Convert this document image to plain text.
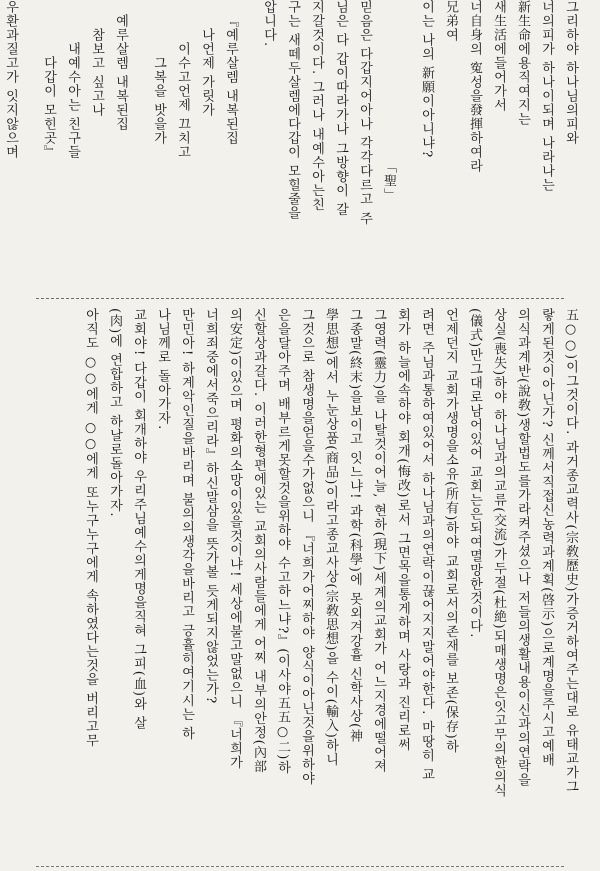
그리하야 하나님의피와
너의피가 하나이되며 나라나는
新生命에용직여지는
새生活에들어가서
너自身의 寃성을發揮하여라
兄弟여
이는 나의 新願이아니냐?
「聖」
믿음은 다갑지어아나 각각다르고 주
님은 다 갑이따라가나 그방향이 갈
지갈것이다. 그러나 내예수아는친
구는 새떼두살렘에다갑이 모힐줄을
압니다.
『예루살렘 내복된집
나언제 가릿가
이수고언제 끄치고
그복을 밧을가
예루살렘 내복된집
참보고 싶고나
내예수아는 친구들
다갑이 모힌곳』
우환과질고가 잇지않으며
五○○)이그것이다. 과거종교력사(宗敎歷史)가증거하여주는대로 유태교가그
랗게된것이아닌가? 신께서직접신농력과계획(啓示)으로계명을주시고예배
의식과계반(說敎)생할법도를가라켜주셨으나 저들의생활내용이신과의연락을
상실(喪失)하야 하나님과의교류(交流)가두절(杜絶)되매생명은잇고무의한의식
(儀式)만그대로남어있어 교회는은되여멸망한것이다.
언제던지 교회가생명을소유(所有)하야 교회로서의존재를 보존(保存)하
려면 주님과통하여있어서 하나님과의연락이끊어지지말어야한다. 마땅히 교
회가 하늘에속하야 회개(悔改)로서 그면목을통게하며 사랑과 진리로써
그영력(靈力)을 나탈것이어늘, 현하(現下)세계의교회가 어느지경에떨어져
그종말(終末)을보이고 잇느냐! 과학(科學)에 못외겨강휼 신학사상(神
學思想)에서 누눈상품(商品)이라고종교사상(宗敎思想)을 수이(輸入)하니
그것으로 참생명을얻을수가없으니 『너희가어찌하야 양식이아닌것을위하야
은을달아주며 배부르게못할것을위하야 수고하느냐?』(이사야五五○二)하
신할상과갈다. 이러한형편에있는 교회의사람들에게 어찌 내부의안정(內部
의安定)이있으며 평화의소망이있을것이냐! 세상에불고말없으니 『너희가
너희죄중에서죽으리라』하신말삼을 뜻가볼 듯게되지않었는가?
만민아! 하계악인질을바리며 불의의생각을바리고 긍휼히여기시는 하
나님께로 돌아가자.
교회야! 다갑이 회개하야 우리주님예수의게명을직혀 그피(血)와 살
(肉)에 연합하고 하날로돌아가자.
아직도 ○○에게 ○○에게 또누구누구에게 속하였다는것을 버리고무
